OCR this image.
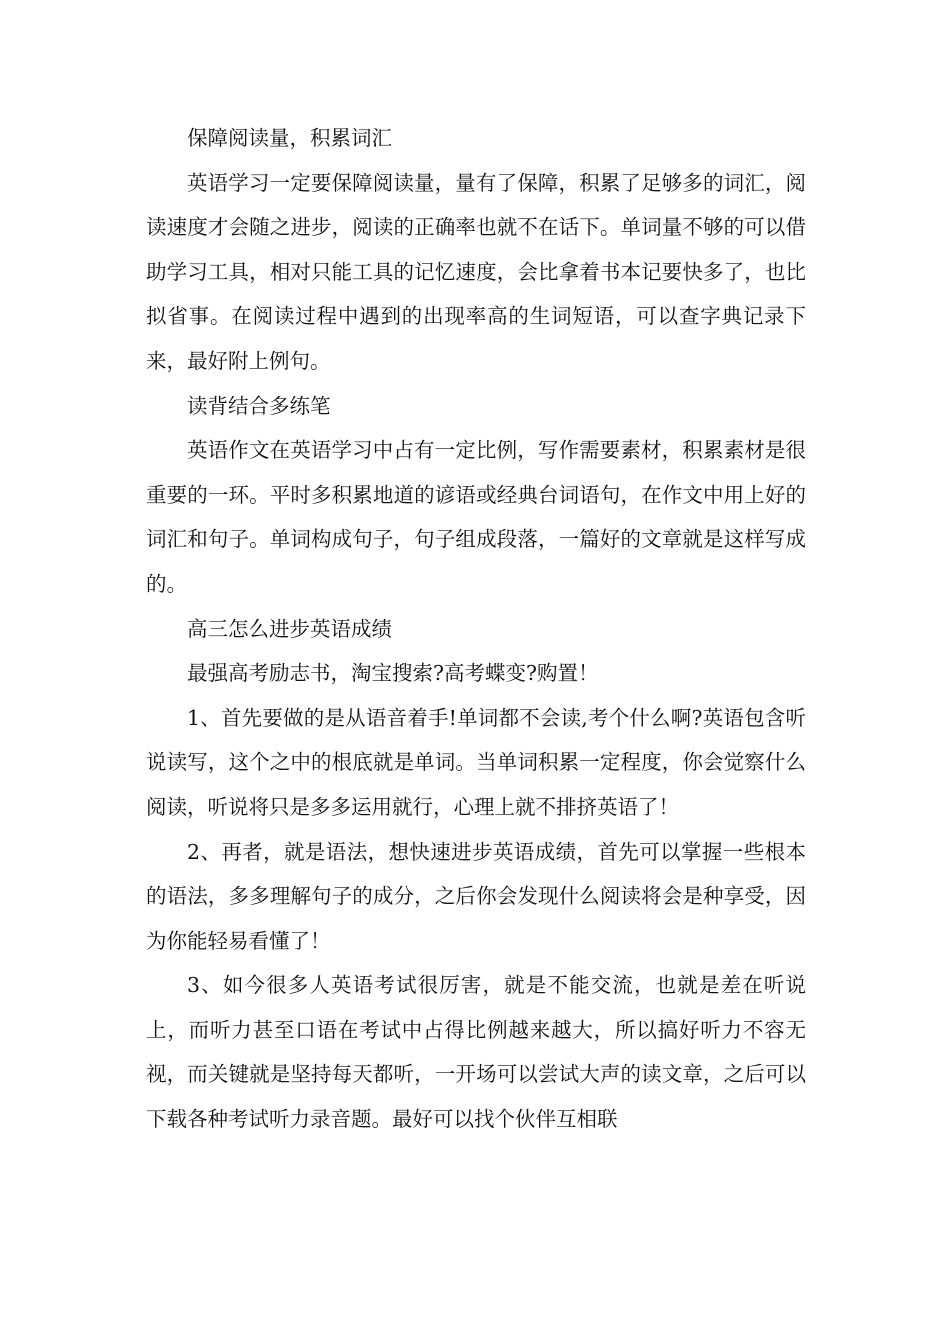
保障阅读量，积累词汇

英语学习一定要保障阅读量，量有了保障，积累了足够多的词汇，阅读速度才会随之进步，阅读的正确率也就不在话下。单词量不够的可以借助学习工具，相对只能工具的记忆速度，会比拿着书本记要快多了，也比拟省事。在阅读过程中遇到的出现率高的生词短语，可以查字典记录下来，最好附上例句。

读背结合多练笔

英语作文在英语学习中占有一定比例，写作需要素材，积累素材是很重要的一环。平时多积累地道的谚语或经典台词语句，在作文中用上好的词汇和句子。单词构成句子，句子组成段落，一篇好的文章就是这样写成的。

高三怎么进步英语成绩

最强高考励志书，淘宝搜索?高考蝶变?购置！

1、首先要做的是从语音着手!单词都不会读,考个什么啊?英语包含听说读写，这个之中的根底就是单词。当单词积累一定程度，你会觉察什么阅读，听说将只是多多运用就行，心理上就不排挤英语了！

2、再者，就是语法，想快速进步英语成绩，首先可以掌握一些根本的语法，多多理解句子的成分，之后你会发现什么阅读将会是种享受，因为你能轻易看懂了！

3、如今很多人英语考试很厉害，就是不能交流，也就是差在听说上，而听力甚至口语在考试中占得比例越来越大，所以搞好听力不容无视，而关键就是坚持每天都听，一开场可以尝试大声的读文章，之后可以下载各种考试听力录音题。最好可以找个伙伴互相联
